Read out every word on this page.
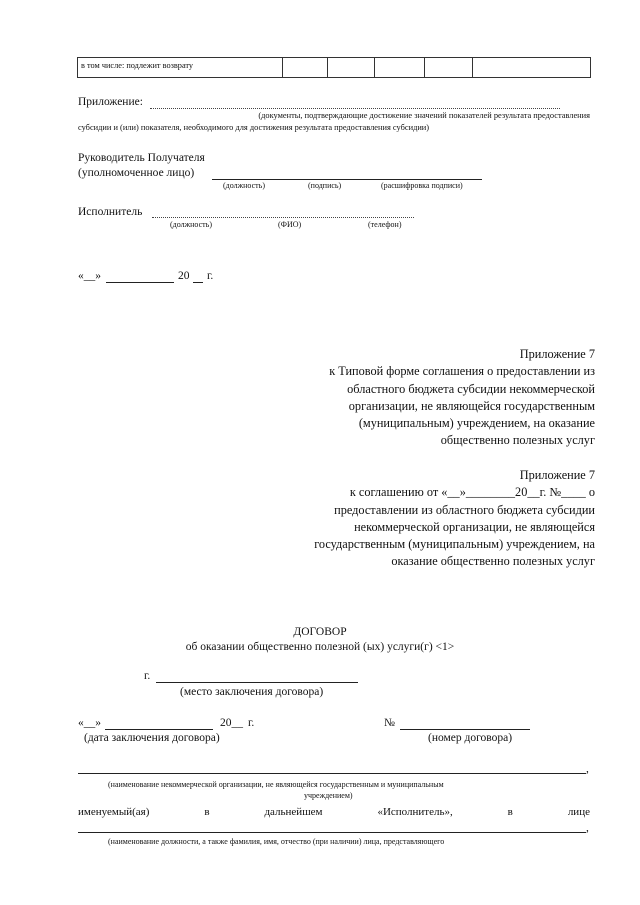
в том числе: подлежит возврату
Приложение:
(документы, подтверждающие достижение значений показателей результата предоставления
субсидии и (или) показателя, необходимого для достижения результата предоставления субсидии)
Руководитель Получателя
(уполномоченное лицо)
(должность)	(подпись)	(расшифровка подписи)
Исполнитель
(должность)	(ФИО)	(телефон)
«__»	20 г.
Приложение 7
к Типовой форме соглашения о предоставлении из
областного бюджета субсидии некоммерческой
организации, не являющейся государственным
(муниципальным) учреждением, на оказание
общественно полезных услуг
Приложение 7
к соглашению от «__»________20__г. №____ о
предоставлении из областного бюджета субсидии
некоммерческой организации, не являющейся
государственным (муниципальным) учреждением, на
оказание общественно полезных услуг
ДОГОВОР
об оказании общественно полезной (ых) услуги(г) <1>
г.
(место заключения договора)
«__»	20__ г.
(дата заключения договора)
№
(номер договора)
,
(наименование некоммерческой организации, не являющейся государственным и муниципальным
учреждением)
именуемый(ая)	в	дальнейшем	«Исполнитель»,	в	лице
,
(наименование должности, а также фамилия, имя, отчество (при наличии) лица, представляющего
